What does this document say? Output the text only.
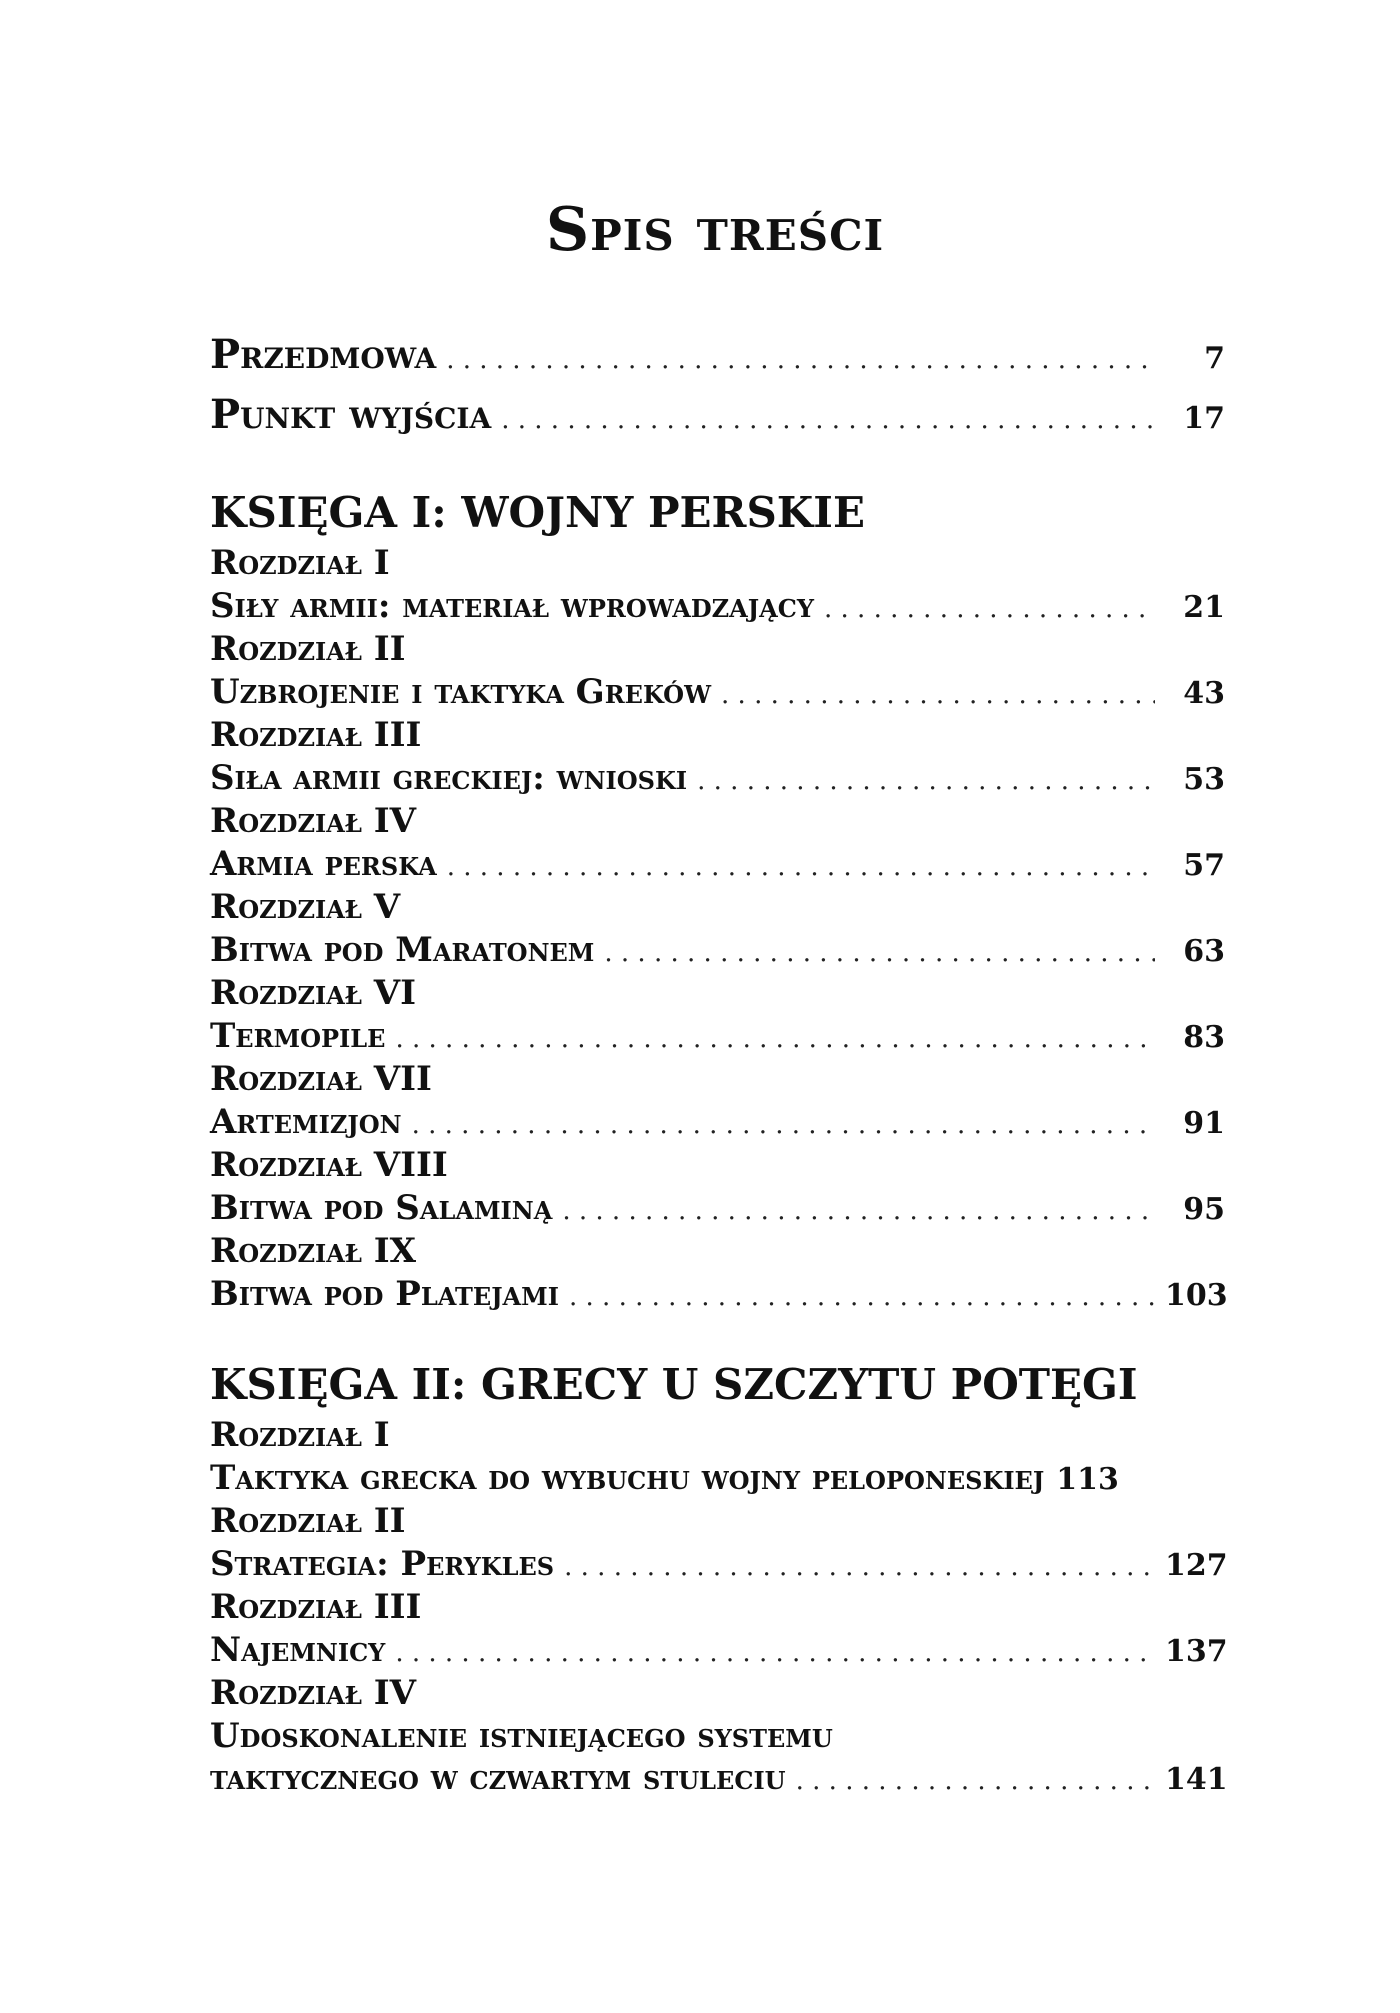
Spis treści
Przedmowa . . .	7
Punkt wyjścia . . .	17
KSIĘGA I: WOJNY PERSKIE
Rozdział I
Siły armii: materiał wprowadzający . . .	21
Rozdział II
Uzbrojenie i taktyka Greków . . .	43
Rozdział III
Siła armii greckiej: wnioski . . .	53
Rozdział IV
Armia perska . . .	57
Rozdział V
Bitwa pod Maratonem . . .	63
Rozdział VI
Termopile . . .	83
Rozdział VII
Artemizjon . . .	91
Rozdział VIII
Bitwa pod Salaminą . . .	95
Rozdział IX
Bitwa pod Platejami . . .	103
KSIĘGA II: GRECY U SZCZYTU POTĘGI
Rozdział I
Taktyka grecka do wybuchu wojny peloponeskiej 113
Rozdział II
Strategia: Perykles . . .	127
Rozdział III
Najemnicy . . .	137
Rozdział IV
Udoskonalenie istniejącego systemu
taktycznego w czwartym stuleciu . . .	141
